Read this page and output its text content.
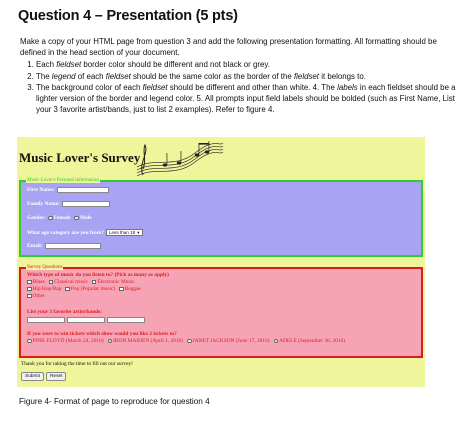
Question 4 – Presentation (5 pts)
Make a copy of your HTML page from question 3 and add the following presentation formatting. All formatting should be defined in the head section of your document.
1. Each fieldset border color should be different and not black or grey.
2. The legend of each fieldset should be the same color as the border of the fieldset it belongs to.
3. The background color of each fieldset should be different and other than white. 4. The labels in each fieldset should be a lighter version of the border and legend color. 5. All prompts input field labels should be bolded (such as First Name, List your 3 favorite artist/bands, just to list 2 examples). Refer to figure 4.
Music Lover's Survey
Music Lover's Personal information
First Name:
Family Name:
Gender: Female Male
What age category are you from? Less than 18 ▾
Email:
Survey Questions
Which type of music do you listen to? (Pick as many as apply)
Blues Classical music Electronic Music
Hip Hop/Rap Pop (Popular music) Reggae
Other
List your 3 favorite artist/bands:
If you were to win tickets which show would you like 2 tickets to?
PINK FLOYD (March 24, 2016) IRON MAIDEN (April 1, 2016) JANET JACKSON (June 17, 2016) ADELE (September 30, 2016)
Thank you for taking the time to fill out our survey!
Submit	Reset
Figure 4- Format of page to reproduce for question 4
